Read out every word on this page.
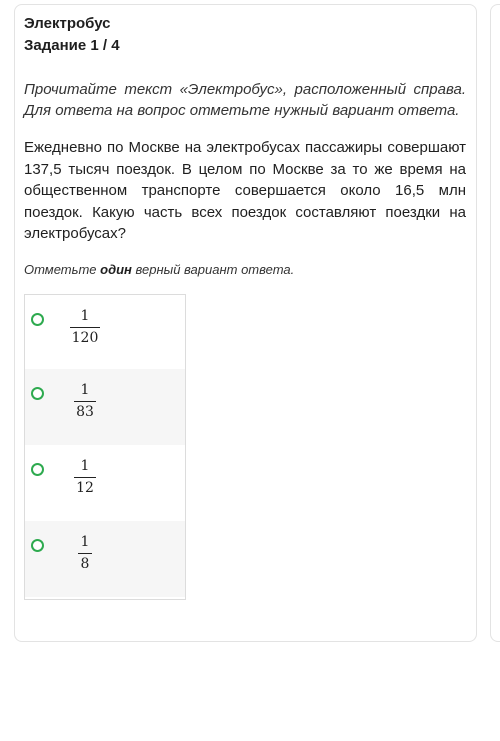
Электробус
Задание 1 / 4
Прочитайте текст «Электробус», расположенный справа. Для ответа на вопрос отметьте нужный вариант ответа.
Ежедневно по Москве на электробусах пассажиры совершают 137,5 тысяч поездок. В целом по Москве за то же время на общественном транспорте совершается около 16,5 млн поездок. Какую часть всех поездок составляют поездки на электробусах?
Отметьте один верный вариант ответа.
1
120
1
83
1
12
1
8
